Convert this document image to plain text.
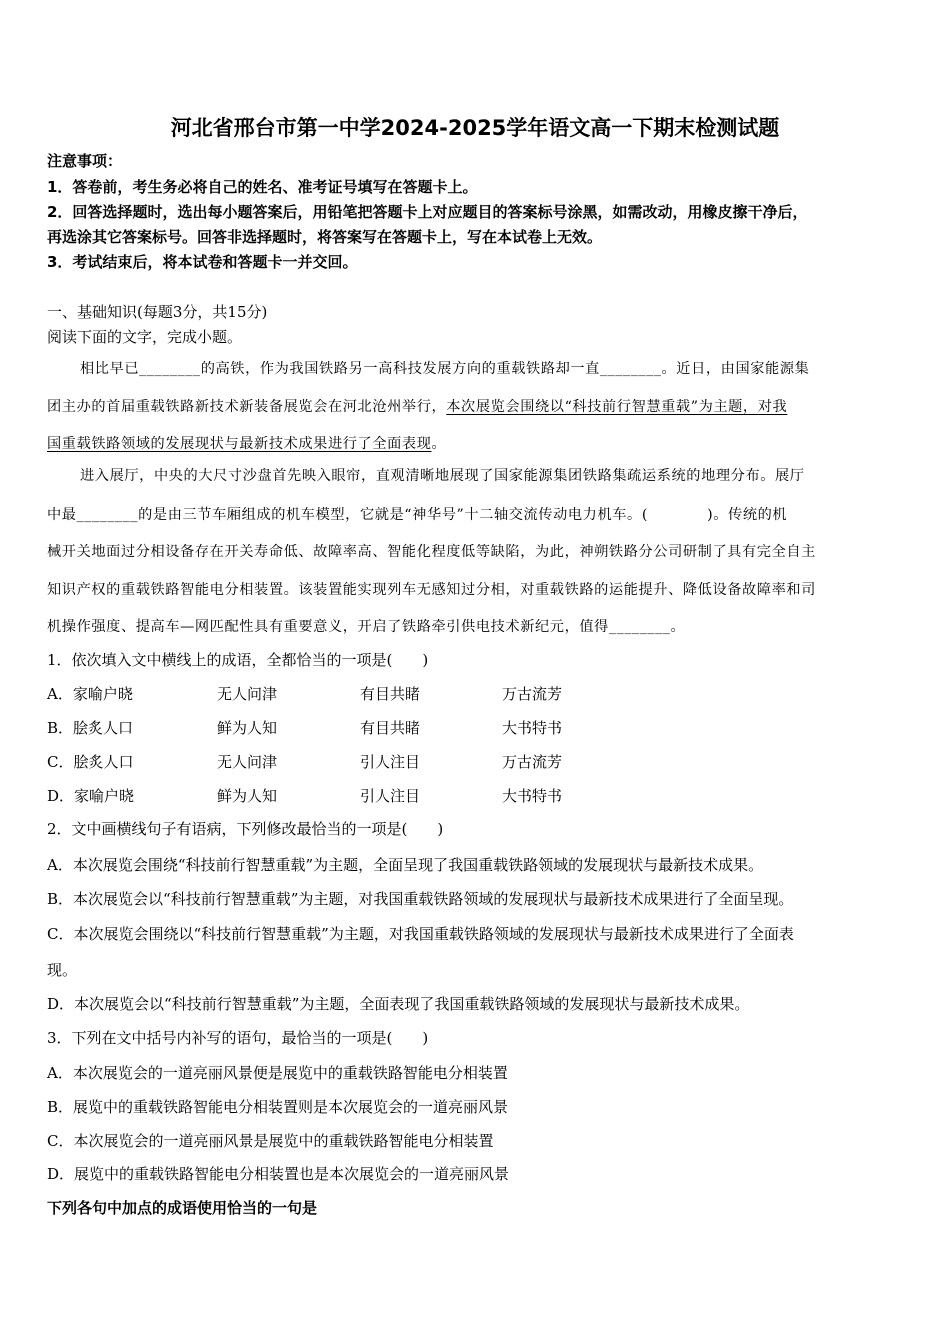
河北省邢台市第一中学2024-2025学年语文高一下期末检测试题
注意事项：
1．答卷前，考生务必将自己的姓名、准考证号填写在答题卡上。
2．回答选择题时，选出每小题答案后，用铅笔把答题卡上对应题目的答案标号涂黑，如需改动，用橡皮擦干净后，
再选涂其它答案标号。回答非选择题时，将答案写在答题卡上，写在本试卷上无效。
3．考试结束后，将本试卷和答题卡一并交回。
一、基础知识(每题3分，共15分)
阅读下面的文字，完成小题。
相比早已________的高铁，作为我国铁路另一高科技发展方向的重载铁路却一直________。近日，由国家能源集
团主办的首届重载铁路新技术新装备展览会在河北沧州举行，本次展览会围绕以“科技前行智慧重载”为主题，对我
国重载铁路领域的发展现状与最新技术成果进行了全面表现。
进入展厅，中央的大尺寸沙盘首先映入眼帘，直观清晰地展现了国家能源集团铁路集疏运系统的地理分布。展厅
中最________的是由三节车厢组成的机车模型，它就是“神华号”十二轴交流传动电力机车。(　　　　)。传统的机
械开关地面过分相设备存在开关寿命低、故障率高、智能化程度低等缺陷，为此，神朔铁路分公司研制了具有完全自主
知识产权的重载铁路智能电分相装置。该装置能实现列车无感知过分相，对重载铁路的运能提升、降低设备故障率和司
机操作强度、提高车—网匹配性具有重要意义，开启了铁路牵引供电技术新纪元，值得________。
1．依次填入文中横线上的成语，全都恰当的一项是(　　)
A．家喻户晓	无人问津	有目共睹	万古流芳
B．脍炙人口	鲜为人知	有目共睹	大书特书
C．脍炙人口	无人问津	引人注目	万古流芳
D．家喻户晓	鲜为人知	引人注目	大书特书
2．文中画横线句子有语病，下列修改最恰当的一项是(　　)
A．本次展览会围绕“科技前行智慧重载”为主题，全面呈现了我国重载铁路领域的发展现状与最新技术成果。
B．本次展览会以“科技前行智慧重载”为主题，对我国重载铁路领域的发展现状与最新技术成果进行了全面呈现。
C．本次展览会围绕以“科技前行智慧重载”为主题，对我国重载铁路领域的发展现状与最新技术成果进行了全面表
现。
D．本次展览会以“科技前行智慧重载”为主题，全面表现了我国重载铁路领域的发展现状与最新技术成果。
3．下列在文中括号内补写的语句，最恰当的一项是(　　)
A．本次展览会的一道亮丽风景便是展览中的重载铁路智能电分相装置
B．展览中的重载铁路智能电分相装置则是本次展览会的一道亮丽风景
C．本次展览会的一道亮丽风景是展览中的重载铁路智能电分相装置
D．展览中的重载铁路智能电分相装置也是本次展览会的一道亮丽风景
下列各句中加点的成语使用恰当的一句是
